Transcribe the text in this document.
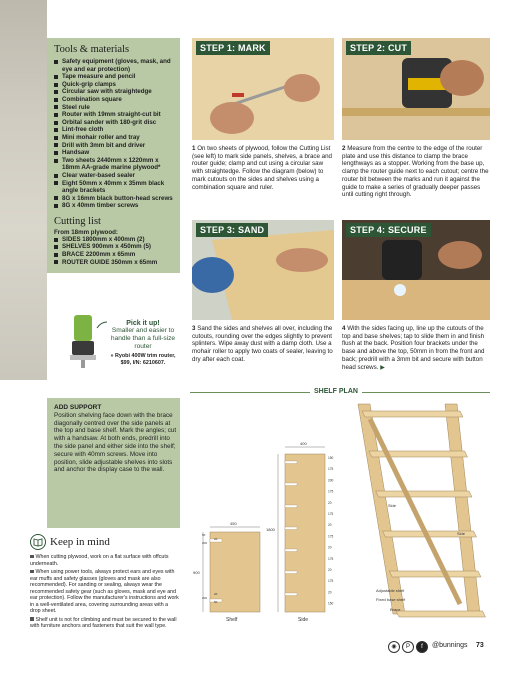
Tools & materials
Safety equipment (gloves, mask, and eye and ear protection)
Tape measure and pencil
Quick-grip clamps
Circular saw with straightedge
Combination square
Steel rule
Router with 19mm straight-cut bit
Orbital sander with 180-grit disc
Lint-free cloth
Mini mohair roller and tray
Drill with 3mm bit and driver
Handsaw
Two sheets 2440mm x 1220mm x 18mm AA-grade marine plywood*
Clear water-based sealer
Eight 50mm x 40mm x 35mm black angle brackets
8G x 16mm black button-head screws
8G x 40mm timber screws
Cutting list
From 18mm plywood:
SIDES 1800mm x 400mm (2)
SHELVES 900mm x 450mm (5)
BRACE 2200mm x 65mm
ROUTER GUIDE 350mm x 65mm
Pick it up!
Smaller and easier to handle than a full-size router
» Ryobi 400W trim router, $99, I/N: 6210607.
STEP 1: MARK	STEP 2: CUT
STEP 3: SAND	STEP 4: SECURE
1 On two sheets of plywood, follow the Cutting List (see left) to mark side panels, shelves, a brace and router guide; clamp and cut using a circular saw with straightedge. Follow the diagram (below) to mark cutouts on the sides and shelves using a combination square and ruler.
2 Measure from the centre to the edge of the router plate and use this distance to clamp the brace lengthways as a stopper. Working from the base up, clamp the router guide next to each cutout; centre the router bit between the marks and run it against the guide to make a series of gradually deeper passes until cutting right through.
3 Sand the sides and shelves all over, including the cutouts, rounding over the edges slightly to prevent splinters. Wipe away dust with a damp cloth. Use a mohair roller to apply two coats of sealer, leaving to dry after each coat.
4 With the sides facing up, line up the cutouts of the top and base shelves; tap to slide them in and finish flush at the back. Position four brackets under the base and above the top, 50mm in from the front and back; predrill with a 3mm bit and secure with button head screws. ▶
ADD SUPPORT
Position shelving face down with the brace diagonally centred over the side panels at the top and base shelf. Mark the angles; cut with a handsaw. At both ends, predrill into the side panel and either side into the shelf; secure with 40mm screws. Move into position, slide adjustable shelves into slots and anchor the display case to the wall.
Keep in mind
When cutting plywood, work on a flat surface with offcuts underneath.
When using power tools, always protect ears and eyes with ear muffs and safety glasses (gloves and mask are also recommended). For sanding or sealing, always wear the recommended safety gear (such as gloves, mask and eye and ear protection). Follow the manufacturer's instructions and work in a well-ventilated area, covering surrounding areas with a drop sheet.
Shelf unit is not for climbing and must be secured to the wall with furniture anchors and fasteners that suit the wall type.
SHELF PLAN
150
175
200
175
20
175
20
175
20
175
20
175
20
150
Shelf	Side
450
900
400
1800
Side
Side
Adjustable shelf
Fixed base shelf
Brace
50
20
200
20
200
50
◉	P	f	@bunnings 73
